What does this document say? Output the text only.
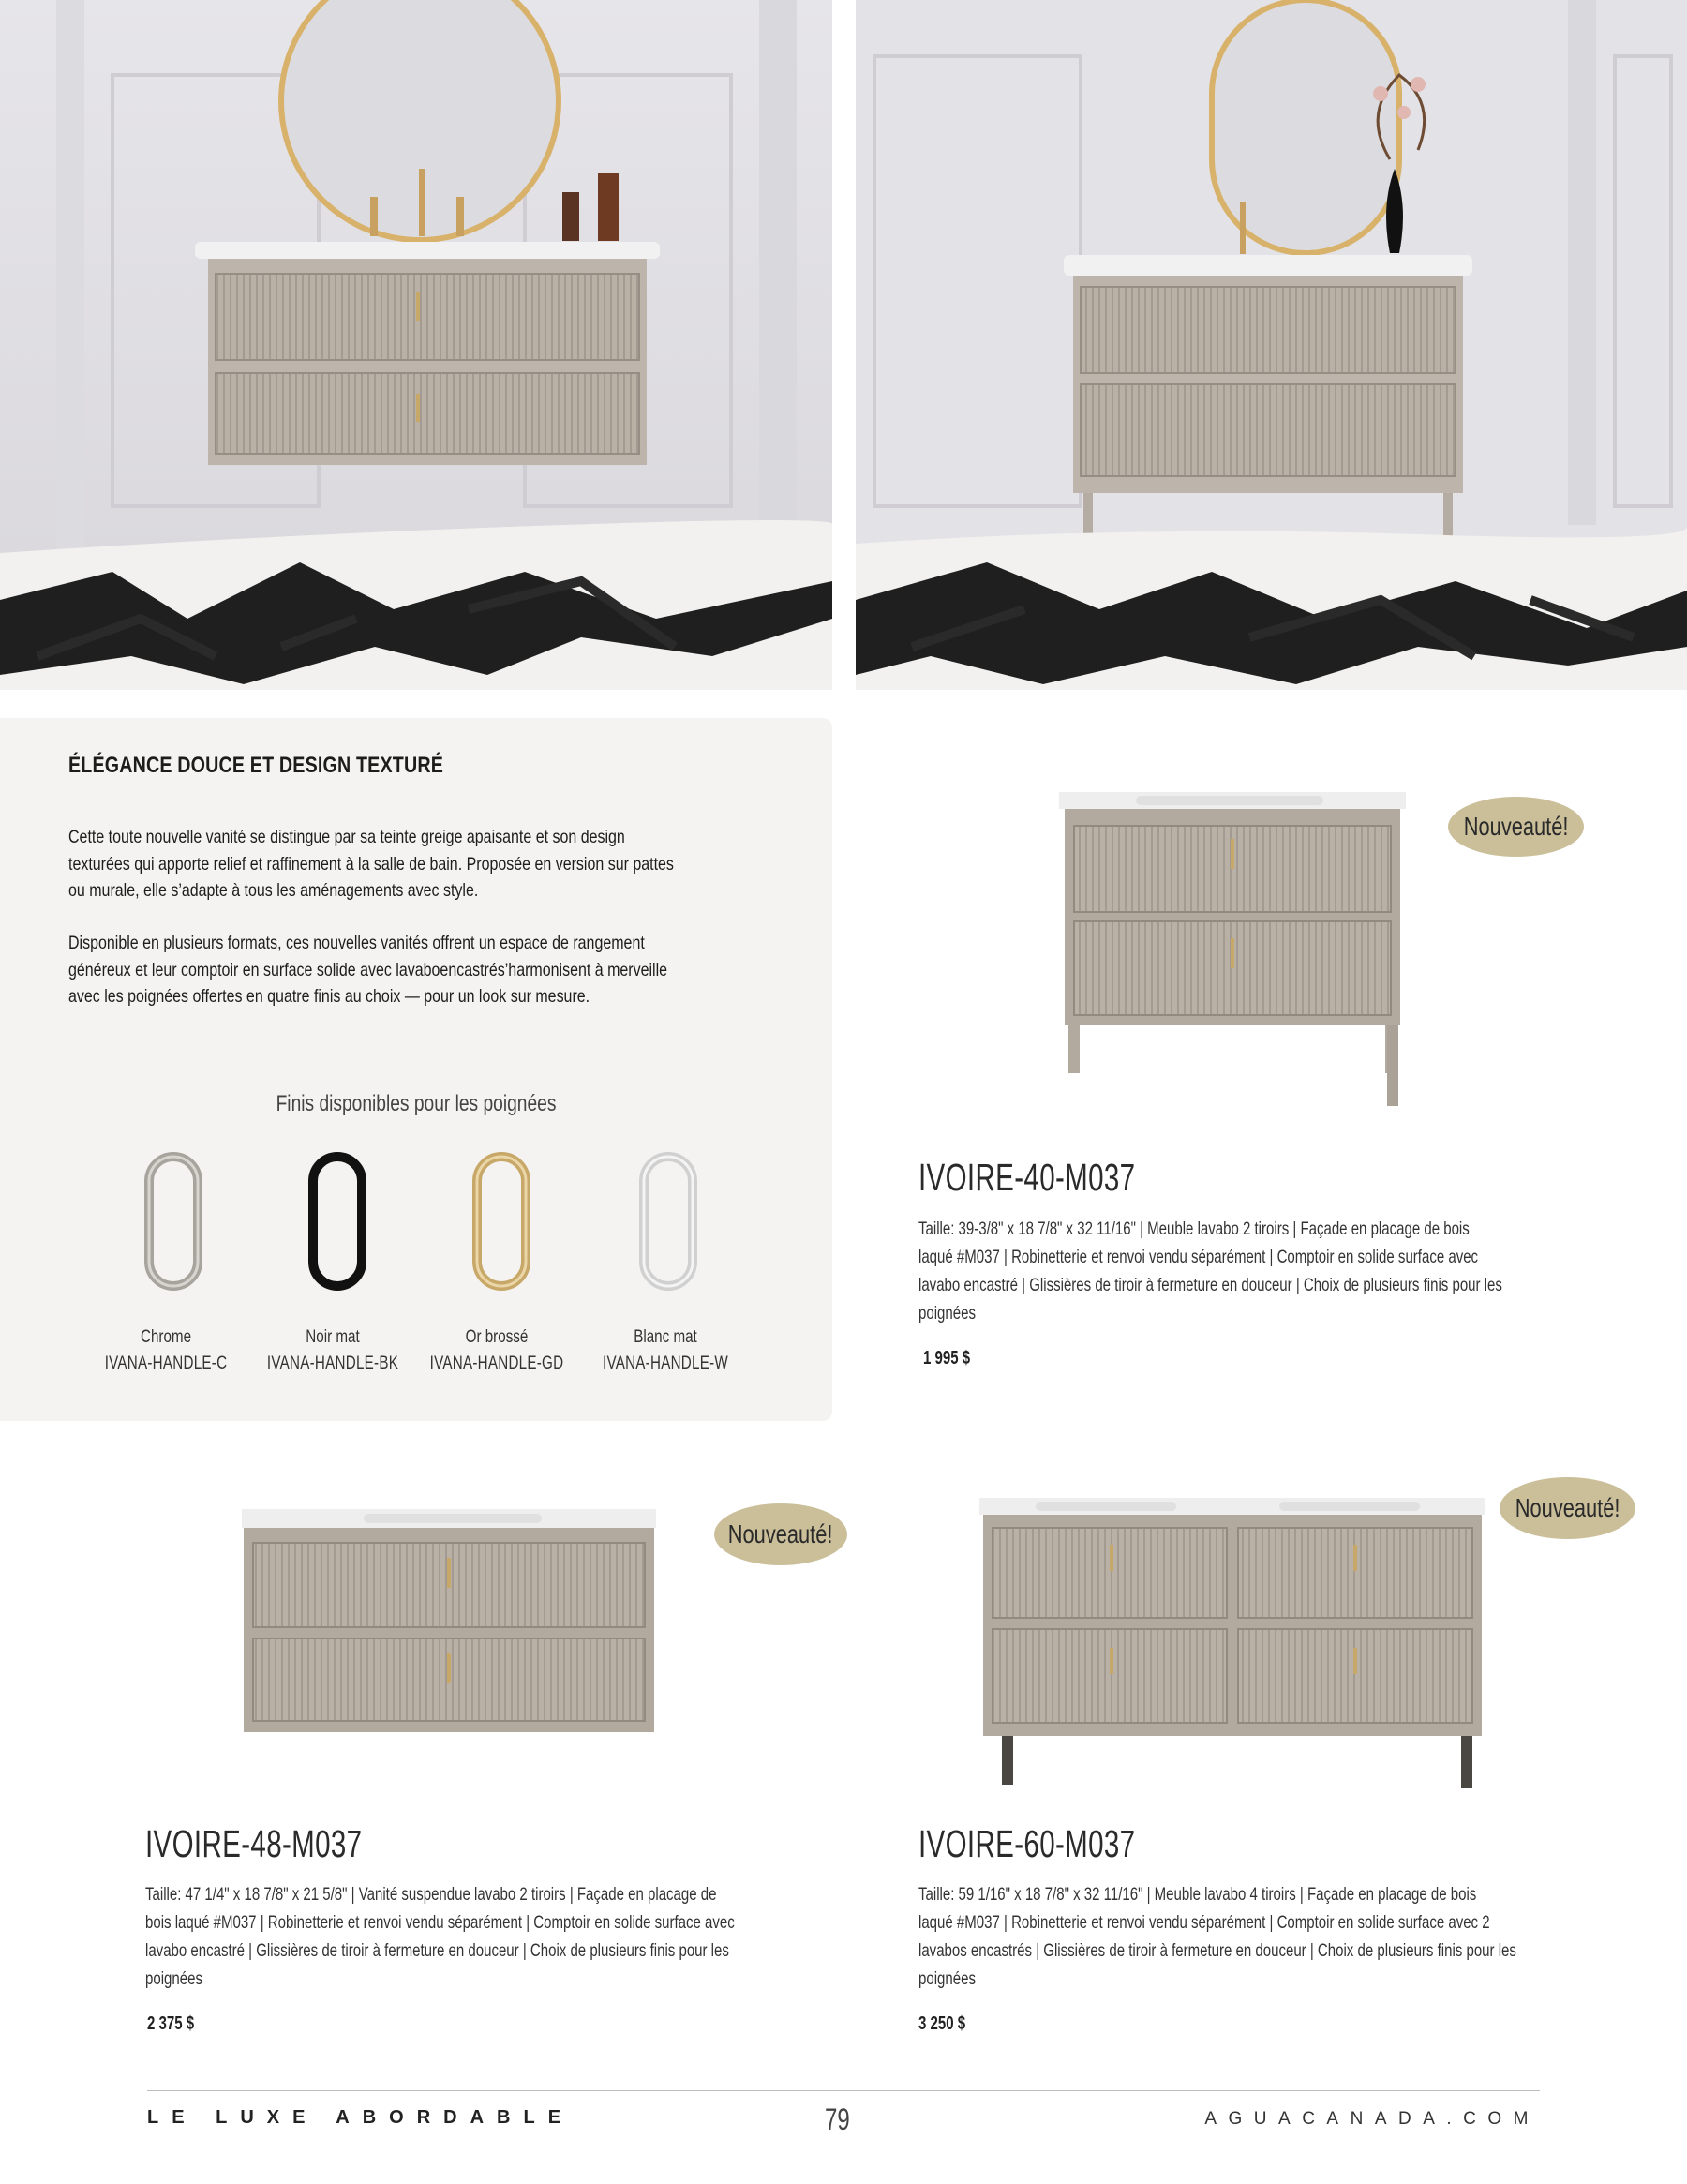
ÉLÉGANCE DOUCE ET DESIGN TEXTURÉ
Cette toute nouvelle vanité se distingue par sa teinte greige apaisante et son design
texturées qui apporte relief et raffinement à la salle de bain. Proposée en version sur pattes
ou murale, elle s’adapte à tous les aménagements avec style.
Disponible en plusieurs formats, ces nouvelles vanités offrent un espace de rangement
généreux et leur comptoir en surface solide avec lavaboencastrés’harmonisent à merveille
avec les poignées offertes en quatre finis au choix — pour un look sur mesure.
Finis disponibles pour les poignées
Chrome
IVANA-HANDLE-C
Noir mat
IVANA-HANDLE-BK
Or brossé
IVANA-HANDLE-GD
Blanc mat
IVANA-HANDLE-W
Nouveauté!
IVOIRE-40-M037
Taille: 39-3/8" x 18 7/8" x 32 11/16" | Meuble lavabo 2 tiroirs | Façade en placage de bois
laqué #M037 | Robinetterie et renvoi vendu séparément | Comptoir en solide surface avec
lavabo encastré | Glissières de tiroir à fermeture en douceur | Choix de plusieurs finis pour les
poignées
1 995 $
Nouveauté!
IVOIRE-48-M037
Taille: 47 1/4" x 18 7/8" x 21 5/8" | Vanité suspendue lavabo 2 tiroirs | Façade en placage de
bois laqué #M037 | Robinetterie et renvoi vendu séparément | Comptoir en solide surface avec
lavabo encastré | Glissières de tiroir à fermeture en douceur | Choix de plusieurs finis pour les
poignées
2 375 $
Nouveauté!
IVOIRE-60-M037
Taille: 59 1/16" x 18 7/8" x 32 11/16" | Meuble lavabo 4 tiroirs | Façade en placage de bois
laqué #M037 | Robinetterie et renvoi vendu séparément | Comptoir en solide surface avec 2
lavabos encastrés | Glissières de tiroir à fermeture en douceur | Choix de plusieurs finis pour les
poignées
3 250 $
LE LUXE ABORDABLE	79	AGUACANADA.COM
